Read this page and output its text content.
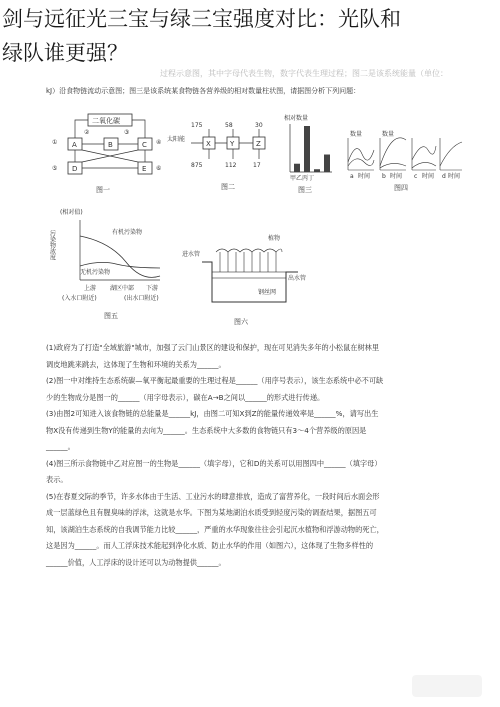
剑与远征光三宝与绿三宝强度对比：光队和
绿队谁更强？
过程示意图，其中字母代表生物，数字代表生理过程；图二是该系统能量（单位：
kJ）沿食物链流动示意图；图三是该系统某食物链各营养级的相对数量柱状图，请据图分析下列问题：
二氧化碳
A	B	C
D	E
①
②	③
④
⑤	⑥
图一
太阳能
175	58	30
X	Y	Z
875	112	17
图二
相对数量
甲乙丙丁
图三
数量
a 时间
数量
b 时间 c 时间 d 时间
图四
(相对值)
污染物浓度	有机污染物
无机污染物
上游 湖区中部 下游
(入水口附近)	(出水口附近)
图五
植物
进水管
出水管
钢丝网
图六

(1)政府为了打造"全域旅游"城市，加强了云门山景区的建设和保护，现在可见消失多年的小松鼠在树林里

调皮地跳来跳去，这体现了生物和环境的关系为______。

(2)图一中对维持生态系统碳—氧平衡起最重要的生理过程是______（用序号表示），该生态系统中必不可缺

少的生物成分是图一的______（用字母表示），碳在A→B之间以______的形式进行传递。

(3)由图2可知进入该食物链的总能量是______kJ，由图二可知X到Z的能量传递效率是______%，请写出生

物X没有传递到生物Y的能量的去向为______。生态系统中大多数的食物链只有3～4个营养级的原因是

______。

(4)图三所示食物链中乙对应图一的生物是______（填字母），它和D的关系可以用图四中______（填字母）

表示。

(5)在春夏交际的季节，许多水体由于生活、工业污水的肆意排放，造成了富营养化，一段时间后水面会形

成一层蓝绿色且有腥臭味的浮沫，这就是水华。下图为某地湖泊水质受到轻度污染的调查结果，据图五可

知，该湖泊生态系统的自我调节能力比较______，严重的水华现象往往会引起沉水植物和浮游动物的死亡，

这是因为______。而人工浮床技术能起到净化水质、防止水华的作用（如图六），这体现了生物多样性的

______价值，人工浮床的设计还可以为动物提供______。
